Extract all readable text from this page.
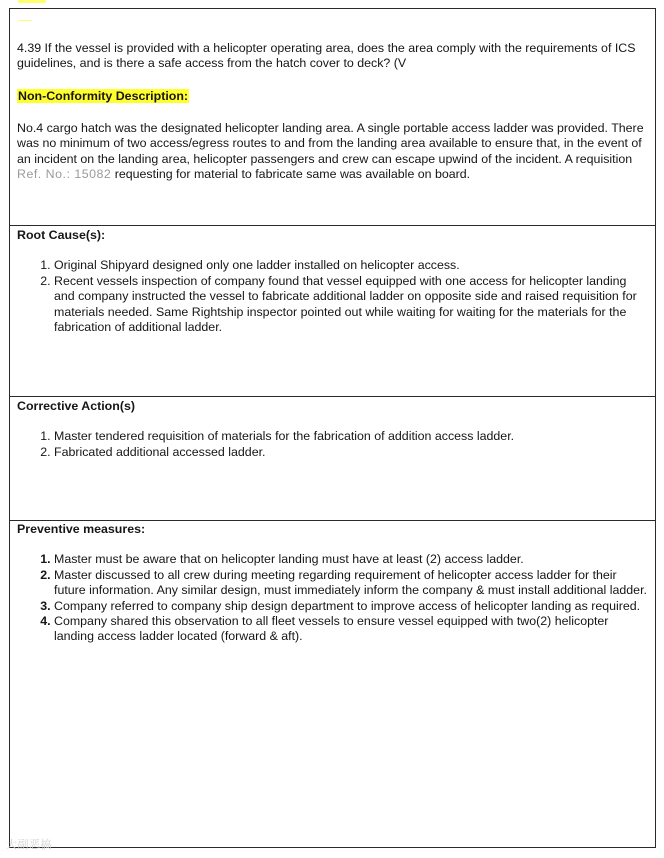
4.39 If the vessel is provided with a helicopter operating area, does the area comply with the requirements of ICS guidelines, and is there a safe access from the hatch cover to deck? (V
Non-Conformity Description:
No.4 cargo hatch was the designated helicopter landing area. A single portable access ladder was provided. There was no minimum of two access/egress routes to and from the landing area available to ensure that, in the event of an incident on the landing area, helicopter passengers and crew can escape upwind of the incident. A requisition Ref. No.: 15082 requesting for material to fabricate same was available on board.
Root Cause(s):
1. Original Shipyard designed only one ladder installed on helicopter access.
2. Recent vessels inspection of company found that vessel equipped with one access for helicopter landing and company instructed the vessel to fabricate additional ladder on opposite side and raised requisition for materials needed. Same Rightship inspector pointed out while waiting for waiting for the materials for the fabrication of additional ladder.
Corrective Action(s)
1. Master tendered requisition of materials for the fabrication of addition access ladder.
2. Fabricated additional accessed ladder.
Preventive measures:
1. Master must be aware that on helicopter landing must have at least (2) access ladder.
2. Master discussed to all crew during meeting regarding requirement of helicopter access ladder for their future information. Any similar design, must immediately inform the company & must install additional ladder.
3. Company referred to company ship design department to improve access of helicopter landing as required.
4. Company shared this observation to all fleet vessels to ensure vessel equipped with two(2) helicopter landing access ladder located (forward & aft).
大副恶搞
